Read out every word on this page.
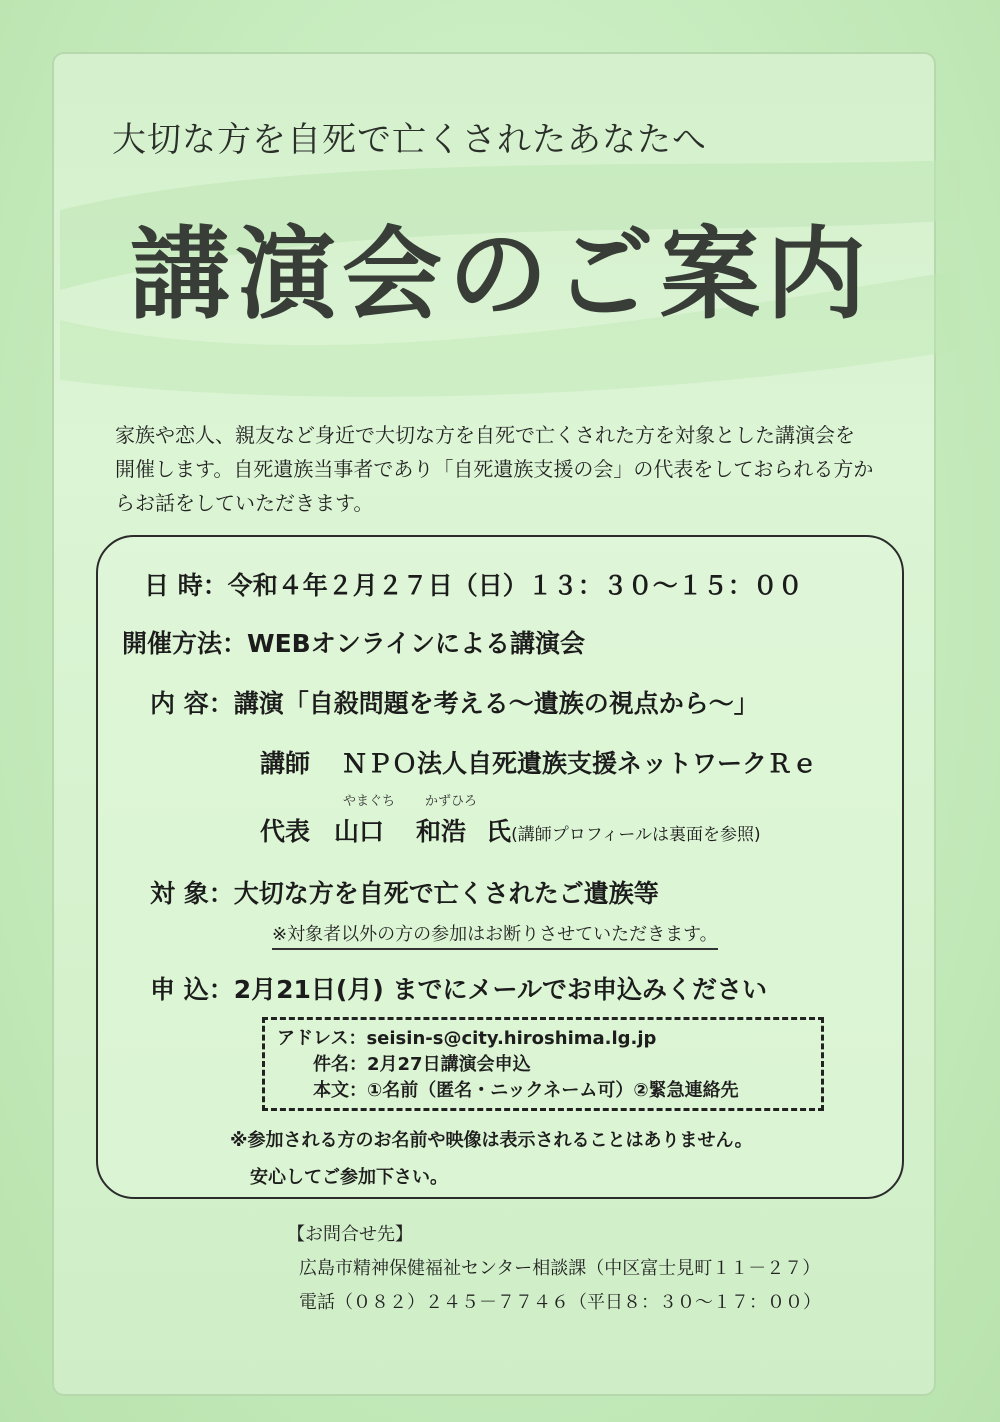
大切な方を自死で亡くされたあなたへ
講演会のご案内
家族や恋人、親友など身近で大切な方を自死で亡くされた方を対象とした講演会を
開催します。自死遺族当事者であり「自死遺族支援の会」の代表をしておられる方か
らお話をしていただきます。
日 時：令和４年２月２７日（日）１３：３０～１５：００
開催方法：WEBオンラインによる講演会
内 容：講演「自殺問題を考える～遺族の視点から～」
講師 ＮＰＯ法人自死遺族支援ネットワークＲｅ
やまぐち かずひろ
代表 山口 和浩 氏(講師プロフィールは裏面を参照)
対 象：大切な方を自死で亡くされたご遺族等
※対象者以外の方の参加はお断りさせていただきます。
申 込：2月21日(月) までにメールでお申込みください
アドレス：seisin-s@city.hiroshima.lg.jp
件名：2月27日講演会申込
本文：①名前（匿名・ニックネーム可）②緊急連絡先
※参加される方のお名前や映像は表示されることはありません。
安心してご参加下さい。
【お問合せ先】
広島市精神保健福祉センター相談課（中区富士見町１１－２７）
電話（０８２）２４５－７７４６（平日８：３０～１７：００）
